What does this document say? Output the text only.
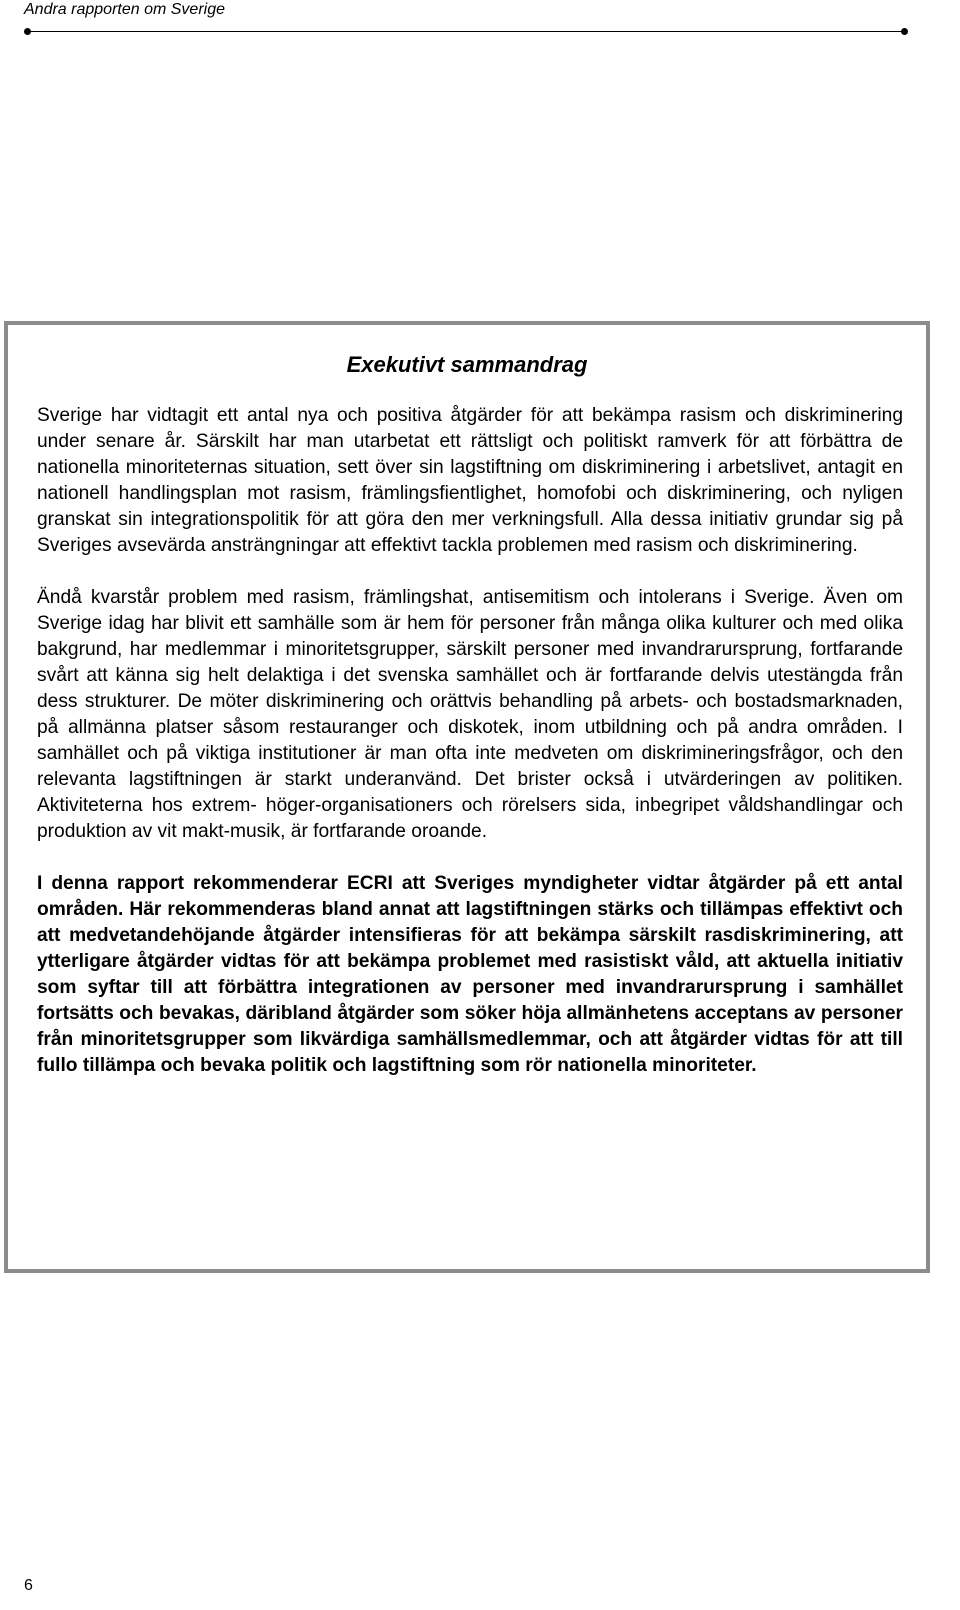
Andra rapporten om Sverige
Exekutivt sammandrag

Sverige har vidtagit ett antal nya och positiva åtgärder för att bekämpa rasism och diskriminering under senare år. Särskilt har man utarbetat ett rättsligt och politiskt ramverk för att förbättra de nationella minoriteternas situation, sett över sin lagstiftning om diskriminering i arbetslivet, antagit en nationell handlingsplan mot rasism, främlingsfientlighet, homofobi och diskriminering, och nyligen granskat sin integrationspolitik för att göra den mer verkningsfull. Alla dessa initiativ grundar sig på Sveriges avsevärda ansträngningar att effektivt tackla problemen med rasism och diskriminering.

Ändå kvarstår problem med rasism, främlingshat, antisemitism och intolerans i Sverige. Även om Sverige idag har blivit ett samhälle som är hem för personer från många olika kulturer och med olika bakgrund, har medlemmar i minoritetsgrupper, särskilt personer med invandrarursprung, fortfarande svårt att känna sig helt delaktiga i det svenska samhället och är fortfarande delvis utestängda från dess strukturer. De möter diskriminering och orättvis behandling på arbets- och bostadsmarknaden, på allmänna platser såsom restauranger och diskotek, inom utbildning och på andra områden. I samhället och på viktiga institutioner är man ofta inte medveten om diskrimineringsfrågor, och den relevanta lagstiftningen är starkt underanvänd. Det brister också i utvärderingen av politiken. Aktiviteterna hos extrem- höger-organisationers och rörelsers sida, inbegripet våldshandlingar och produktion av vit makt-musik, är fortfarande oroande.

I denna rapport rekommenderar ECRI att Sveriges myndigheter vidtar åtgärder på ett antal områden. Här rekommenderas bland annat att lagstiftningen stärks och tillämpas effektivt och att medvetandehöjande åtgärder intensifieras för att bekämpa särskilt rasdiskriminering, att ytterligare åtgärder vidtas för att bekämpa problemet med rasistiskt våld, att aktuella initiativ som syftar till att förbättra integrationen av personer med invandrarursprung i samhället fortsätts och bevakas, däribland åtgärder som söker höja allmänhetens acceptans av personer från minoritetsgrupper som likvärdiga samhällsmedlemmar, och att åtgärder vidtas för att till fullo tillämpa och bevaka politik och lagstiftning som rör nationella minoriteter.

6
